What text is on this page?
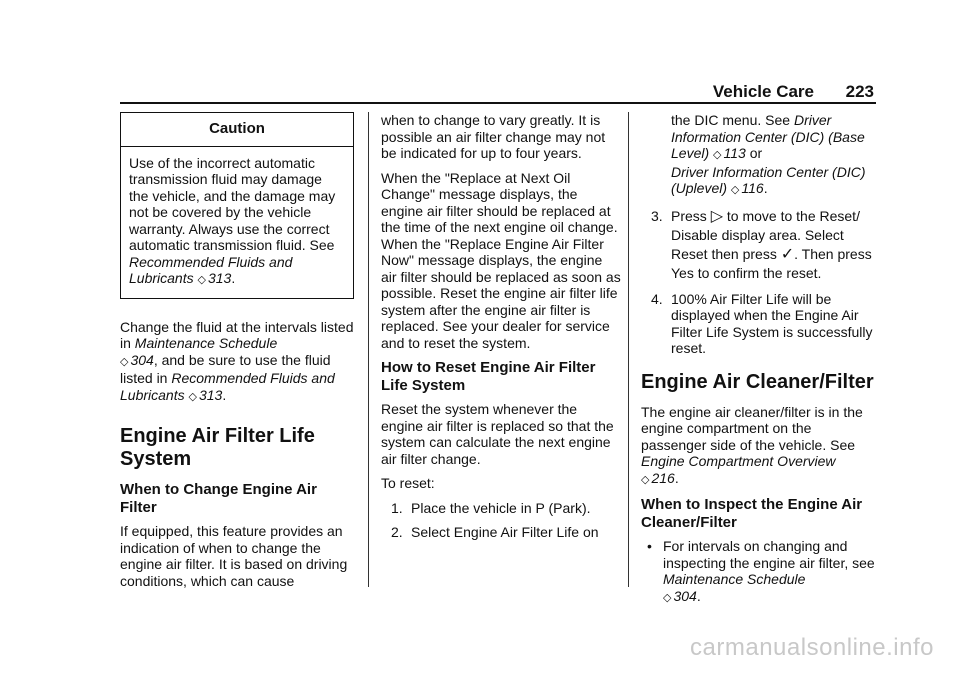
Vehicle Care 223
Caution
Use of the incorrect automatic transmission fluid may damage the vehicle, and the damage may not be covered by the vehicle warranty. Always use the correct automatic transmission fluid. See Recommended Fluids and Lubricants ◇ 313.

Change the fluid at the intervals listed in Maintenance Schedule
◇ 304, and be sure to use the fluid listed in Recommended Fluids and Lubricants ◇ 313.

Engine Air Filter Life System
When to Change Engine Air Filter

If equipped, this feature provides an indication of when to change the engine air filter. It is based on driving conditions, which can cause

when to change to vary greatly. It is possible an air filter change may not be indicated for up to four years.

When the "Replace at Next Oil Change" message displays, the engine air filter should be replaced at the time of the next engine oil change. When the "Replace Engine Air Filter Now" message displays, the engine air filter should be replaced as soon as possible. Reset the engine air filter life system after the engine air filter is replaced. See your dealer for service and to reset the system.

How to Reset Engine Air Filter Life System

Reset the system whenever the engine air filter is replaced so that the system can calculate the next engine air filter change.

To reset:

1. Place the vehicle in P (Park).
2. Select Engine Air Filter Life on

the DIC menu. See Driver Information Center (DIC) (Base Level) ◇ 113 or
Driver Information Center (DIC) (Uplevel) ◇ 116.

3. Press ▷ to move to the Reset/ Disable display area. Select Reset then press ✓. Then press Yes to confirm the reset.
4. 100% Air Filter Life will be displayed when the Engine Air Filter Life System is successfully reset.
Engine Air Cleaner/Filter

The engine air cleaner/filter is in the engine compartment on the passenger side of the vehicle. See Engine Compartment Overview
◇ 216.

When to Inspect the Engine Air Cleaner/Filter
• For intervals on changing and inspecting the engine air filter, see Maintenance Schedule
◇ 304.
carmanualsonline.info
